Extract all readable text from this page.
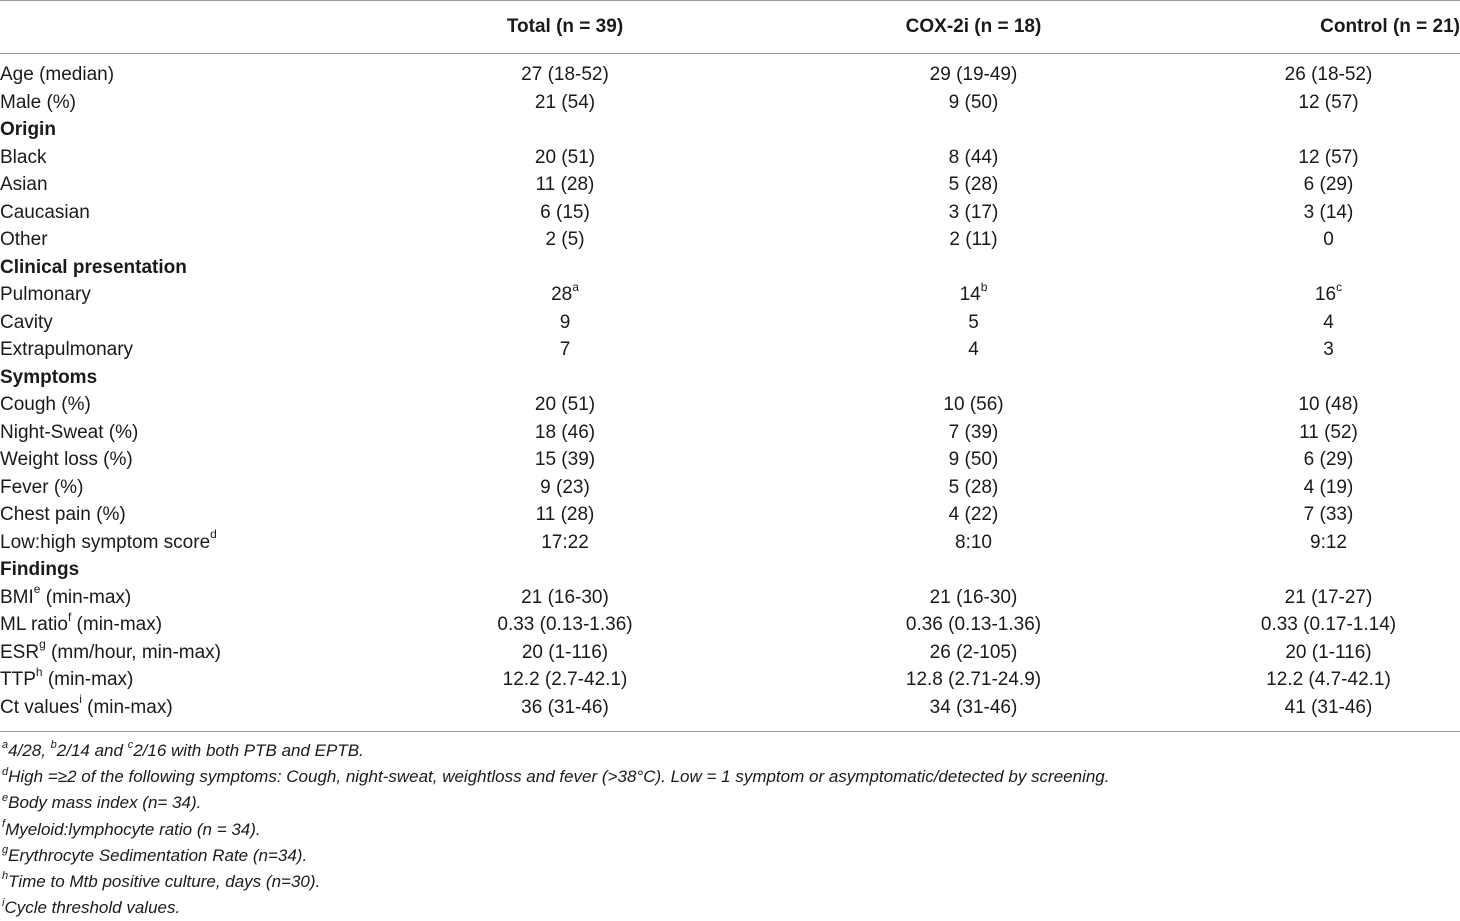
	Total (n = 39)	COX-2i (n = 18)	Control (n = 21)

Age (median)	27 (18-52)	29 (19-49)	26 (18-52)
Male (%)	21 (54)	9 (50)	12 (57)
Origin			
Black	20 (51)	8 (44)	12 (57)
Asian	11 (28)	5 (28)	6 (29)
Caucasian	6 (15)	3 (17)	3 (14)
Other	2 (5)	2 (11)	0
Clinical presentation			
Pulmonary	28$^a$	14$^b$	16$^c$
Cavity	9	5	4
Extrapulmonary	7	4	3
Symptoms			
Cough (%)	20 (51)	10 (56)	10 (48)
Night-Sweat (%)	18 (46)	7 (39)	11 (52)
Weight loss (%)	15 (39)	9 (50)	6 (29)
Fever (%)	9 (23)	5 (28)	4 (19)
Chest pain (%)	11 (28)	4 (22)	7 (33)
Low:high symptom score$^d$	17:22	8:10	9:12
Findings			
BMI$^e$ (min-max)	21 (16-30)	21 (16-30)	21 (17-27)
ML ratio$^f$ (min-max)	0.33 (0.13-1.36)	0.36 (0.13-1.36)	0.33 (0.17-1.14)
ESR$^g$ (mm/hour, min-max)	20 (1-116)	26 (2-105)	20 (1-116)
TTP$^h$ (min-max)	12.2 (2.7-42.1)	12.8 (2.71-24.9)	12.2 (4.7-42.1)
Ct values$^i$ (min-max)	36 (31-46)	34 (31-46)	41 (31-46)
$^a$4/28, $^b$2/14 and $^c$2/16 with both PTB and EPTB.
$^d$High =≥2 of the following symptoms: Cough, night-sweat, weightloss and fever (>38°C). Low = 1 symptom or asymptomatic/detected by screening.
$^e$Body mass index (n= 34).
$^f$Myeloid:lymphocyte ratio (n = 34).
$^g$Erythrocyte Sedimentation Rate (n=34).
$^h$Time to Mtb positive culture, days (n=30).
$^i$Cycle threshold values.
